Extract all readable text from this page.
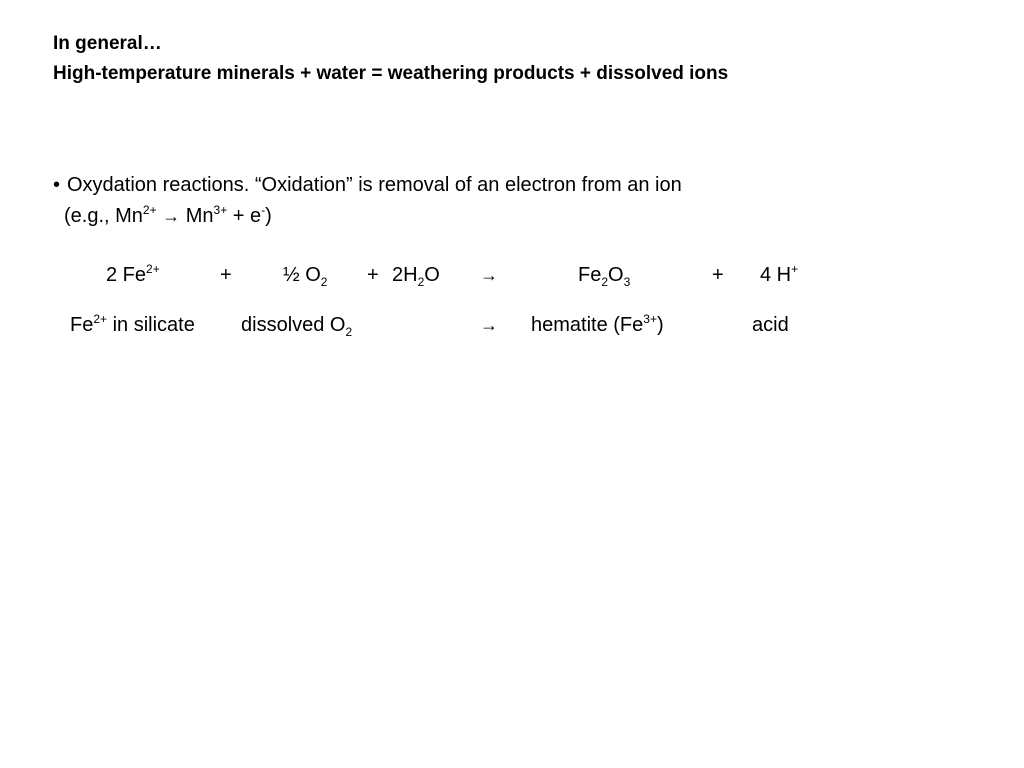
In general…
High-temperature minerals + water = weathering products + dissolved ions
• Oxydation reactions. “Oxidation” is removal of an electron from an ion
(e.g., $Mn^{2+} \to Mn^{3+} + e^-$)
2 $Fe^{2+}$	+	½ $O_2 + 2H_2O$ →	$Fe_2O_3$	+ 4 H+
$Fe^{2+}$ in silicate dissolved $O_2$	→ hematite $(Fe^{3+})$	acid
